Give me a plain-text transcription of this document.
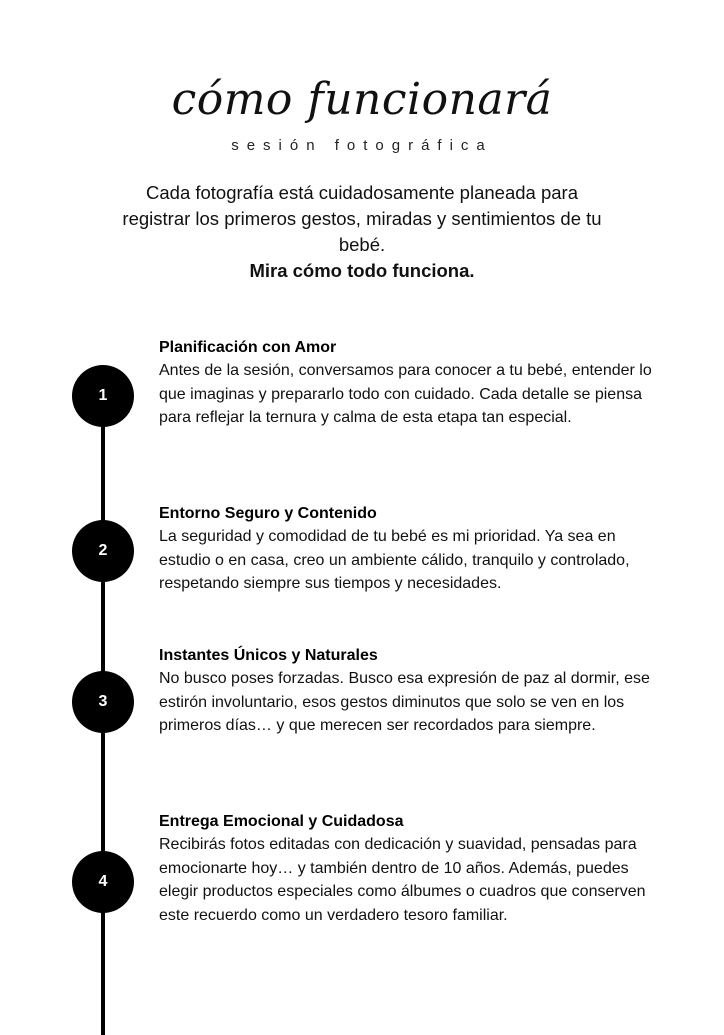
cómo funcionará
sesión fotográfica
Cada fotografía está cuidadosamente planeada para registrar los primeros gestos, miradas y sentimientos de tu bebé.
Mira cómo todo funciona.
1
Planificación con Amor
Antes de la sesión, conversamos para conocer a tu bebé, entender lo que imaginas y prepararlo todo con cuidado. Cada detalle se piensa para reflejar la ternura y calma de esta etapa tan especial.
2
Entorno Seguro y Contenido
La seguridad y comodidad de tu bebé es mi prioridad. Ya sea en estudio o en casa, creo un ambiente cálido, tranquilo y controlado, respetando siempre sus tiempos y necesidades.
3
Instantes Únicos y Naturales
No busco poses forzadas. Busco esa expresión de paz al dormir, ese estirón involuntario, esos gestos diminutos que solo se ven en los primeros días… y que merecen ser recordados para siempre.
4
Entrega Emocional y Cuidadosa
Recibirás fotos editadas con dedicación y suavidad, pensadas para emocionarte hoy… y también dentro de 10 años. Además, puedes elegir productos especiales como álbumes o cuadros que conserven este recuerdo como un verdadero tesoro familiar.
